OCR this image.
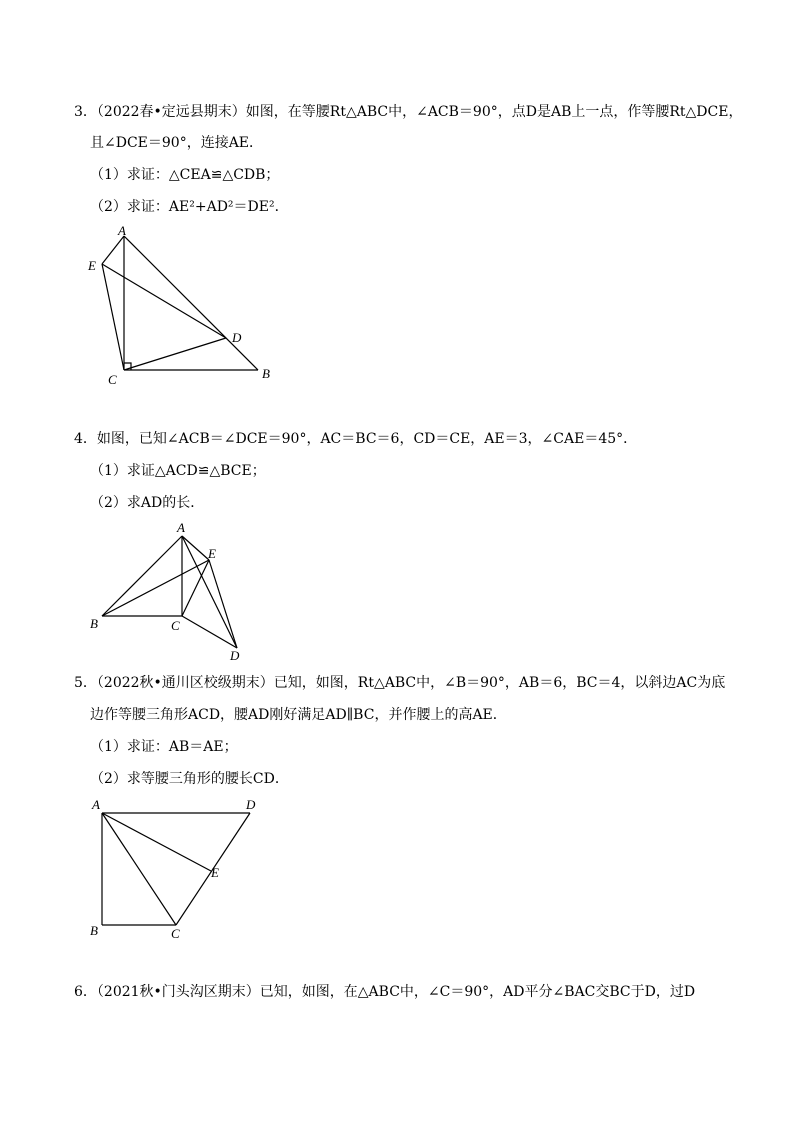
3．（2022春•定远县期末）如图，在等腰Rt△ABC中，∠ACB＝90°，点D是AB上一点，作等腰Rt△DCE，
且∠DCE＝90°，连接AE．
（1）求证：△CEA≌△CDB；
（2）求证：AE²+AD²＝DE²．
A
E
D
C	B
4．如图，已知∠ACB＝∠DCE＝90°，AC＝BC＝6，CD＝CE，AE＝3，∠CAE＝45°．
（1）求证△ACD≌△BCE；
（2）求AD的长．
A
E
B	C
D
5．（2022秋•通川区校级期末）已知，如图，Rt△ABC中，∠B＝90°，AB＝6，BC＝4，以斜边AC为底
边作等腰三角形ACD，腰AD刚好满足AD∥BC，并作腰上的高AE．
（1）求证：AB＝AE；
（2）求等腰三角形的腰长CD．
A	D
E
B	C
6．（2021秋•门头沟区期末）已知，如图，在△ABC中，∠C＝90°，AD平分∠BAC交BC于D，过D
